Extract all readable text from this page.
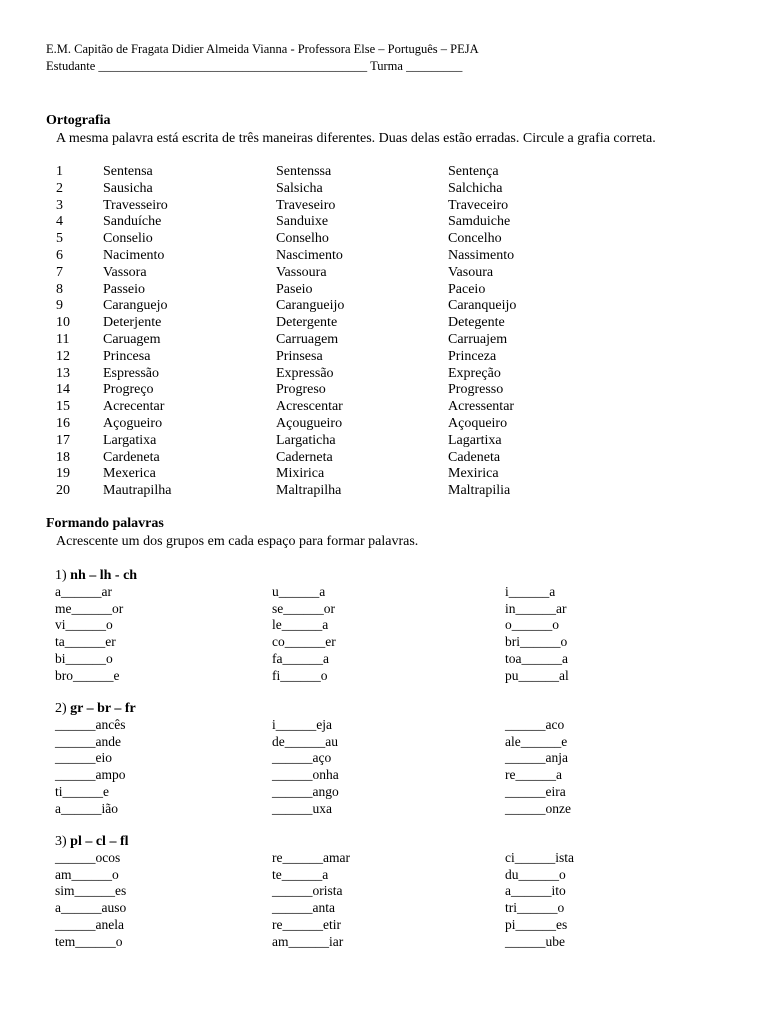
E.M. Capitão de Fragata Didier Almeida Vianna - Professora Else – Português – PEJA
Estudante ___________________________________________ Turma _________
Ortografia
A mesma palavra está escrita de três maneiras diferentes. Duas delas estão erradas. Circule a grafia correta.
1	Sentensa	Sentenssa	Sentença
2	Sausicha	Salsicha	Salchicha
3	Travesseiro	Traveseiro	Traveceiro
4	Sanduíche	Sanduixe	Samduiche
5	Conselio	Conselho	Concelho
6	Nacimento	Nascimento	Nassimento
7	Vassora	Vassoura	Vasoura
8	Passeio	Paseio	Paceio
9	Caranguejo	Carangueijo	Caranqueijo
10 Deterjente	Detergente	Detegente
11 Caruagem	Carruagem	Carruajem
12 Princesa	Prinsesa	Princeza
13 Espressão	Expressão	Expreção
14 Progreço	Progreso	Progresso
15 Acrecentar	Acrescentar	Acressentar
16 Açogueiro	Açougueiro	Açoqueiro
17 Largatixa	Largaticha	Lagartixa
18 Cardeneta	Caderneta	Cadeneta
19 Mexerica	Mixirica	Mexirica
20 Mautrapilha	Maltrapilha	Maltrapilia
Formando palavras
Acrescente um dos grupos em cada espaço para formar palavras.
1) nh – lh - ch
a______ar	u______a	i______a
me______or	se______or	in______ar
vi______o	le______a	o______o
ta______er	co______er	bri______o
bi______o	fa______a	toa______a
bro______e	fi______o	pu______al
2) gr – br – fr
______ancês	i______eja	______aco
______ande	de______au	ale______e
______eio	______aço	______anja
______ampo	______onha	re______a
ti______e	______ango	______eira
a______ião	______uxa	______onze
3) pl – cl – fl
______ocos	re______amar	ci______ista
am______o	te______a	du______o
sim______es	______orista	a______ito
a______auso	______anta	tri______o
______anela	re______etir	pi______es
tem______o	am______iar	______ube
